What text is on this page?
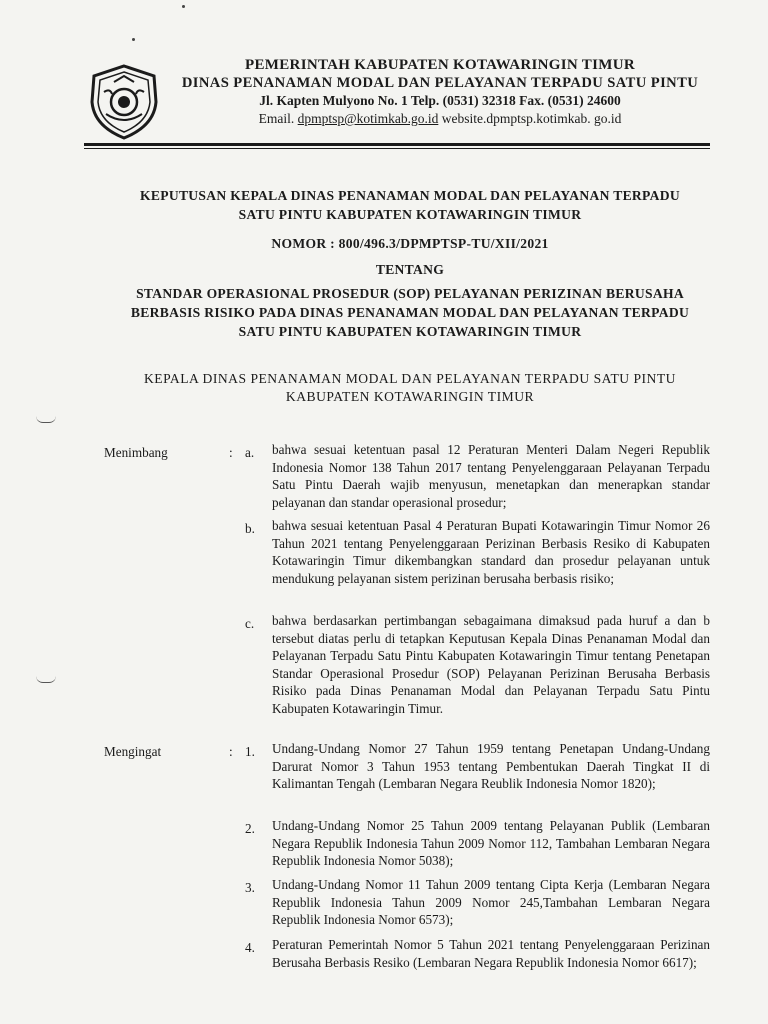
PEMERINTAH KABUPATEN KOTAWARINGIN TIMUR
DINAS PENANAMAN MODAL DAN PELAYANAN TERPADU SATU PINTU
Jl. Kapten Mulyono No. 1 Telp. (0531) 32318 Fax. (0531) 24600
Email. dpmptsp@kotimkab.go.id website.dpmptsp.kotimkab. go.id
KEPUTUSAN KEPALA DINAS PENANAMAN MODAL DAN PELAYANAN TERPADU
SATU PINTU KABUPATEN KOTAWARINGIN TIMUR
NOMOR : 800/496.3/DPMPTSP-TU/XII/2021
TENTANG
STANDAR OPERASIONAL PROSEDUR (SOP) PELAYANAN PERIZINAN BERUSAHA
BERBASIS RISIKO PADA DINAS PENANAMAN MODAL DAN PELAYANAN TERPADU
SATU PINTU KABUPATEN KOTAWARINGIN TIMUR
KEPALA DINAS PENANAMAN MODAL DAN PELAYANAN TERPADU SATU PINTU
KABUPATEN KOTAWARINGIN TIMUR
Menimbang	: a. bahwa sesuai ketentuan pasal 12 Peraturan Menteri Dalam Negeri Republik Indonesia Nomor 138 Tahun 2017 tentang Penyelenggaraan Pelayanan Terpadu Satu Pintu Daerah wajib menyusun, menetapkan dan menerapkan standar pelayanan dan standar operasional prosedur;
b. bahwa sesuai ketentuan Pasal 4 Peraturan Bupati Kotawaringin Timur Nomor 26 Tahun 2021 tentang Penyelenggaraan Perizinan Berbasis Resiko di Kabupaten Kotawaringin Timur dikembangkan standard dan prosedur pelayanan untuk mendukung pelayanan sistem perizinan berusaha berbasis risiko;
c. bahwa berdasarkan pertimbangan sebagaimana dimaksud pada huruf a dan b tersebut diatas perlu di tetapkan Keputusan Kepala Dinas Penanaman Modal dan Pelayanan Terpadu Satu Pintu Kabupaten Kotawaringin Timur tentang Penetapan Standar Operasional Prosedur (SOP) Pelayanan Perizinan Berusaha Berbasis Risiko pada Dinas Penanaman Modal dan Pelayanan Terpadu Satu Pintu Kabupaten Kotawaringin Timur.
Mengingat	: 1. Undang-Undang Nomor 27 Tahun 1959 tentang Penetapan Undang-Undang Darurat Nomor 3 Tahun 1953 tentang Pembentukan Daerah Tingkat II di Kalimantan Tengah (Lembaran Negara Reublik Indonesia Nomor 1820);
2. Undang-Undang Nomor 25 Tahun 2009 tentang Pelayanan Publik (Lembaran Negara Republik Indonesia Tahun 2009 Nomor 112, Tambahan Lembaran Negara Republik Indonesia Nomor 5038);
3. Undang-Undang Nomor 11 Tahun 2009 tentang Cipta Kerja (Lembaran Negara Republik Indonesia Tahun 2009 Nomor 245,Tambahan Lembaran Negara Republik Indonesia Nomor 6573);
4. Peraturan Pemerintah Nomor 5 Tahun 2021 tentang Penyelenggaraan Perizinan Berusaha Berbasis Resiko (Lembaran Negara Republik Indonesia Nomor 6617);
